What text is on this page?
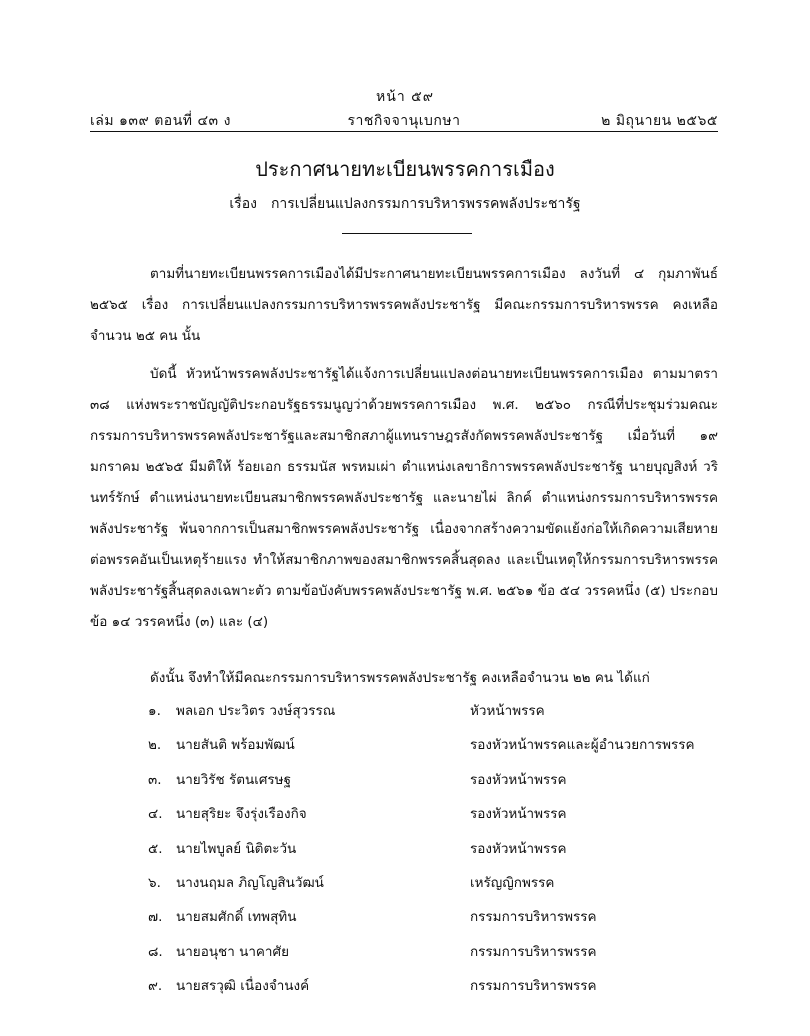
หน้า ๕๙
เล่ม ๑๓๙ ตอนที่ ๔๓ ง	ราชกิจจานุเบกษา	๒ มิถุนายน ๒๕๖๕
ประกาศนายทะเบียนพรรคการเมือง
เรื่อง การเปลี่ยนแปลงกรรมการบริหารพรรคพลังประชารัฐ
ตามที่นายทะเบียนพรรคการเมืองได้มีประกาศนายทะเบียนพรรคการเมือง ลงวันที่ ๔ กุมภาพันธ์ ๒๕๖๕ เรื่อง การเปลี่ยนแปลงกรรมการบริหารพรรคพลังประชารัฐ มีคณะกรรมการบริหารพรรค คงเหลือจำนวน ๒๕ คน นั้น
บัดนี้ หัวหน้าพรรคพลังประชารัฐได้แจ้งการเปลี่ยนแปลงต่อนายทะเบียนพรรคการเมือง ตามมาตรา ๓๘ แห่งพระราชบัญญัติประกอบรัฐธรรมนูญว่าด้วยพรรคการเมือง พ.ศ. ๒๕๖๐ กรณีที่ประชุมร่วมคณะกรรมการบริหารพรรคพลังประชารัฐและสมาชิกสภาผู้แทนราษฎรสังกัดพรรคพลังประชารัฐ เมื่อวันที่ ๑๙ มกราคม ๒๕๖๕ มีมติให้ ร้อยเอก ธรรมนัส พรหมเผ่า ตำแหน่งเลขาธิการพรรคพลังประชารัฐ นายบุญสิงห์ วรินทร์รักษ์ ตำแหน่งนายทะเบียนสมาชิกพรรคพลังประชารัฐ และนายไผ่ ลิกค์ ตำแหน่งกรรมการบริหารพรรคพลังประชารัฐ พ้นจากการเป็นสมาชิกพรรคพลังประชารัฐ เนื่องจากสร้างความขัดแย้งก่อให้เกิดความเสียหายต่อพรรคอันเป็นเหตุร้ายแรง ทำให้สมาชิกภาพของสมาชิกพรรคสิ้นสุดลง และเป็นเหตุให้กรรมการบริหารพรรคพลังประชารัฐสิ้นสุดลงเฉพาะตัว ตามข้อบังคับพรรคพลังประชารัฐ พ.ศ. ๒๕๖๑ ข้อ ๕๔ วรรคหนึ่ง (๕) ประกอบข้อ ๑๔ วรรคหนึ่ง (๓) และ (๔)
ดังนั้น จึงทำให้มีคณะกรรมการบริหารพรรคพลังประชารัฐ คงเหลือจำนวน ๒๒ คน ได้แก่
๑. พลเอก ประวิตร วงษ์สุวรรณ	หัวหน้าพรรค
๒. นายสันติ พร้อมพัฒน์	รองหัวหน้าพรรคและผู้อำนวยการพรรค
๓. นายวิรัช รัตนเศรษฐ	รองหัวหน้าพรรค
๔. นายสุริยะ จึงรุ่งเรืองกิจ	รองหัวหน้าพรรค
๕. นายไพบูลย์ นิติตะวัน	รองหัวหน้าพรรค
๖. นางนฤมล ภิญโญสินวัฒน์	เหรัญญิกพรรค
๗. นายสมศักดิ์ เทพสุทิน	กรรมการบริหารพรรค
๘. นายอนุชา นาคาศัย	กรรมการบริหารพรรค
๙. นายสรวุฒิ เนื่องจำนงค์	กรรมการบริหารพรรค
